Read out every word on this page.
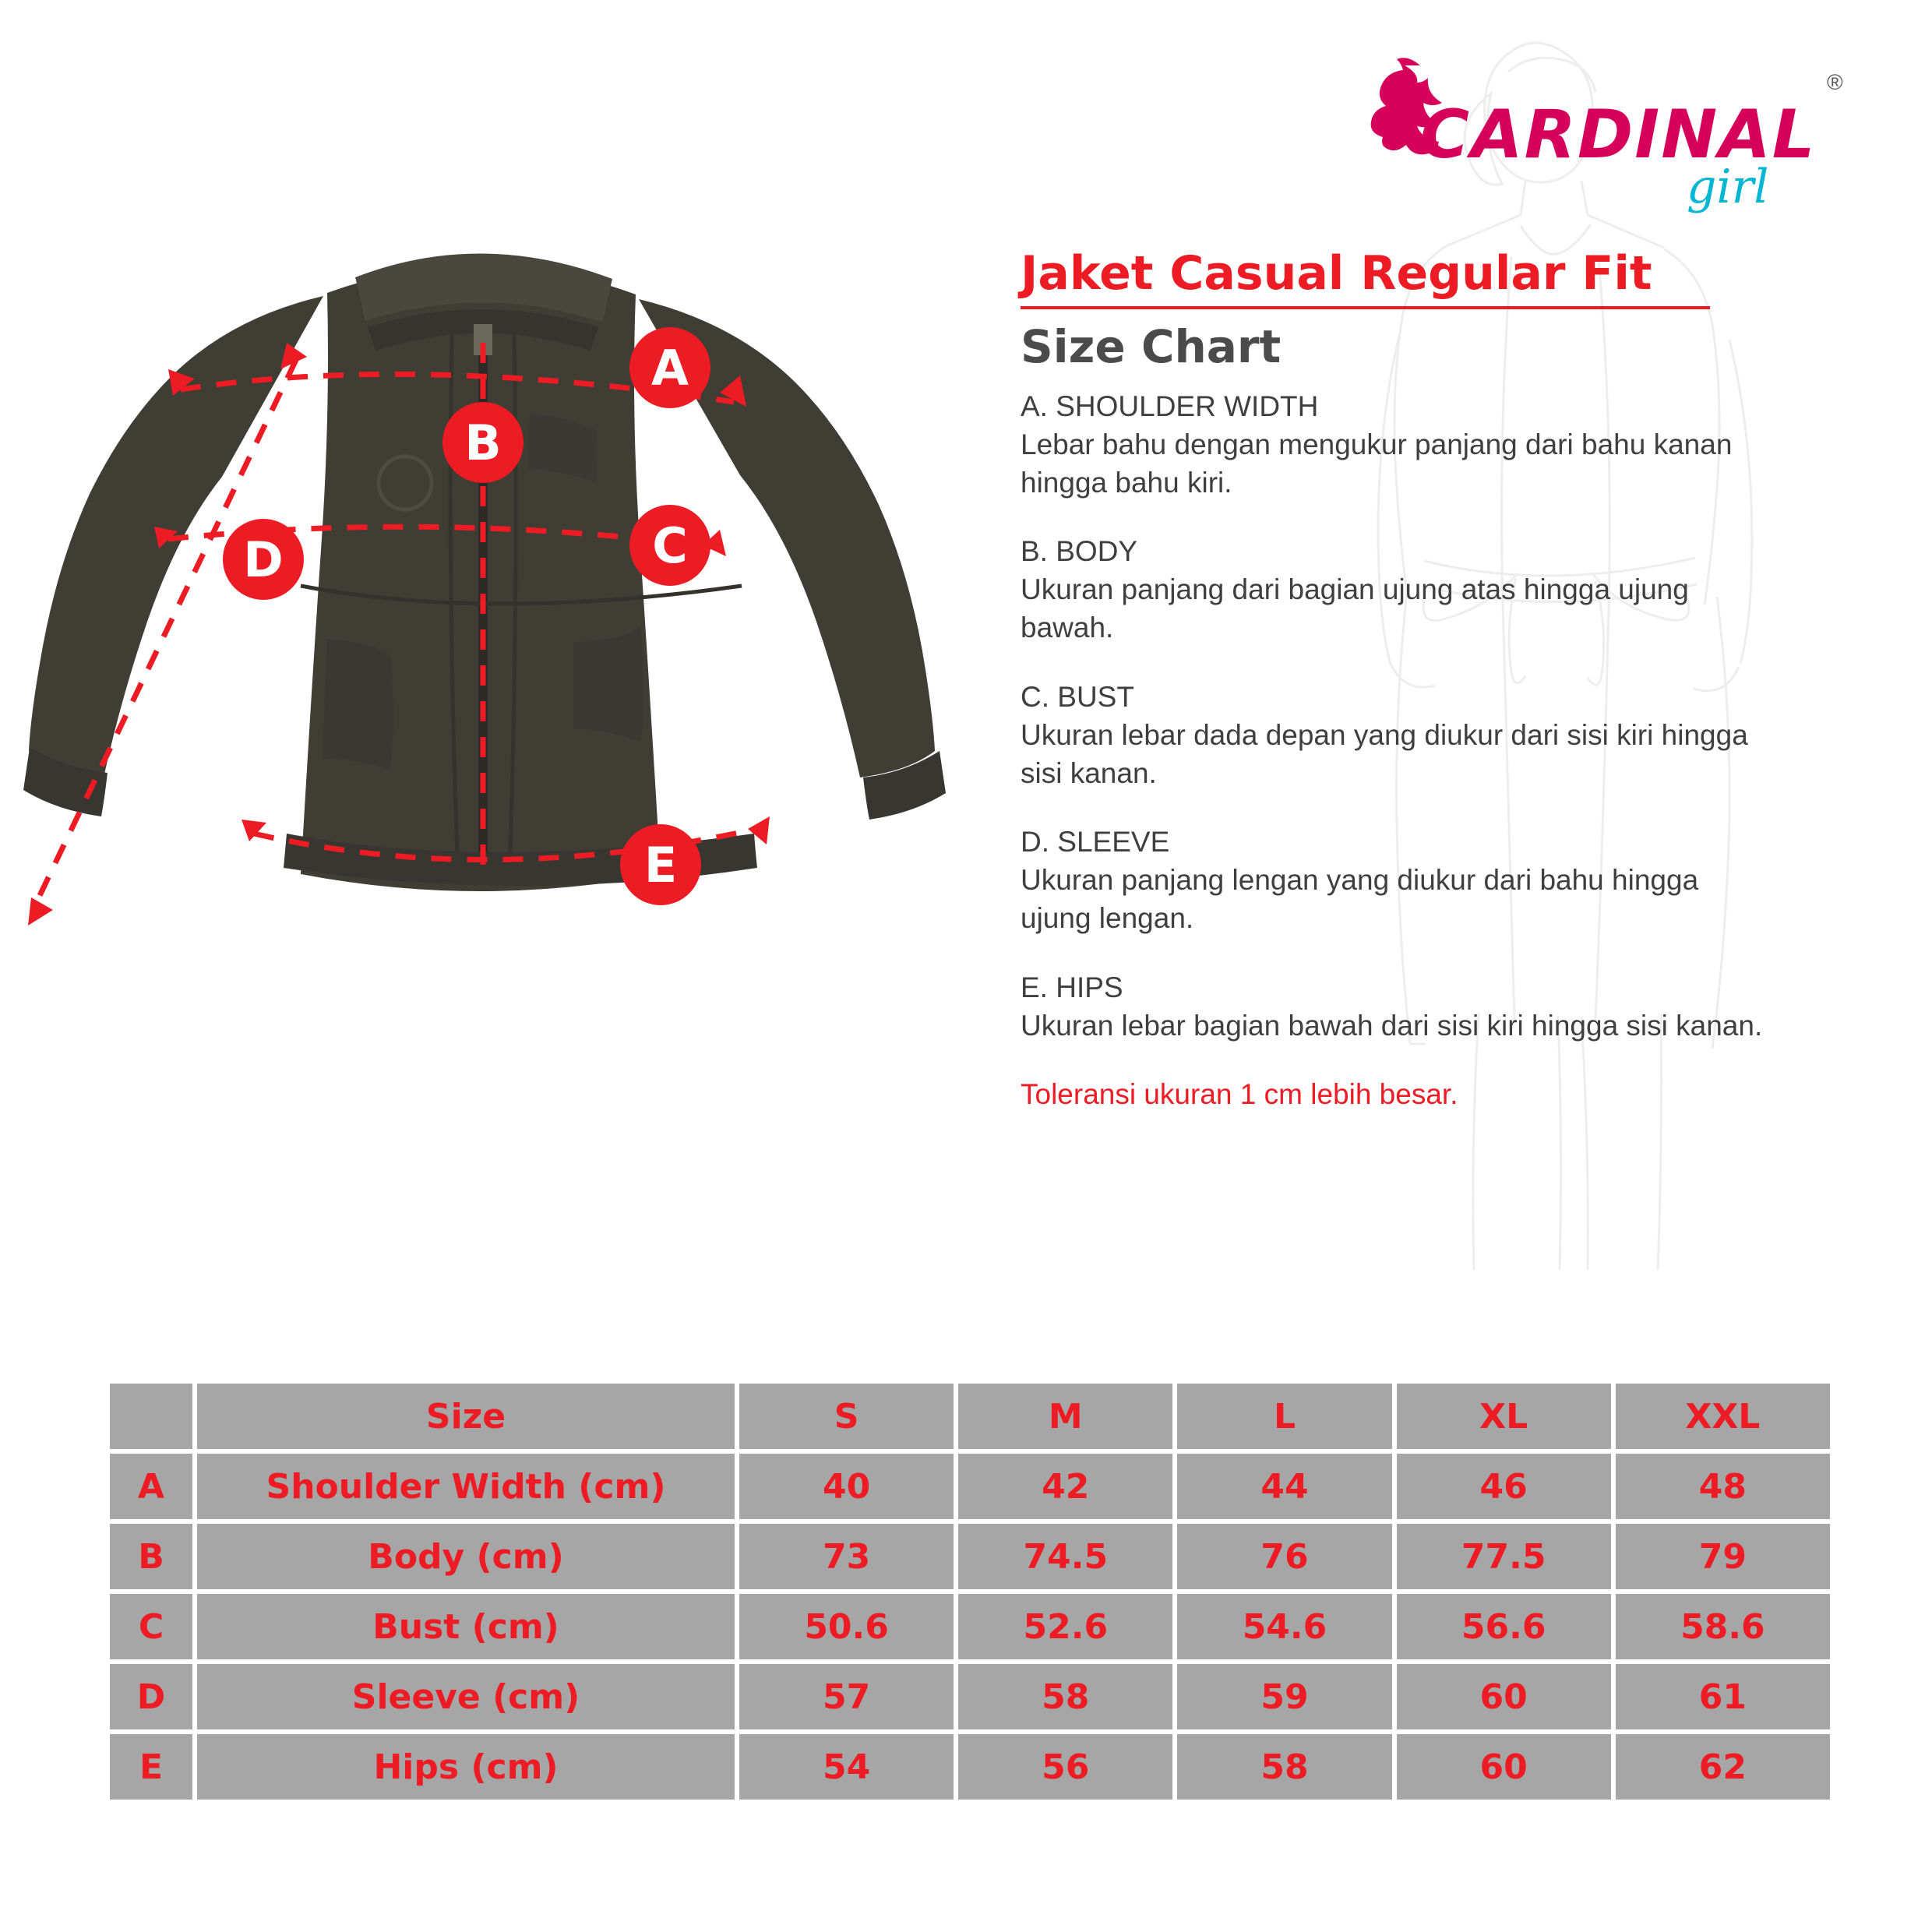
CARDINAL
girl
®
A
B
C
D
E
Jaket Casual Regular Fit
Size Chart
A. SHOULDER WIDTH
Lebar bahu dengan mengukur panjang dari bahu kanan hingga bahu kiri.
B. BODY
Ukuran panjang dari bagian ujung atas hingga ujung bawah.
C. BUST
Ukuran lebar dada depan yang diukur dari sisi kiri hingga sisi kanan.
D. SLEEVE
Ukuran panjang lengan yang diukur dari bahu hingga ujung lengan.
E. HIPS
Ukuran lebar bagian bawah dari sisi kiri hingga sisi kanan.
Toleransi ukuran 1 cm lebih besar.
	Size	S	M	L	XL	XXL
A	Shoulder Width (cm)	40	42	44	46	48
B	Body (cm)	73	74.5	76	77.5	79
C	Bust (cm)	50.6	52.6	54.6	56.6	58.6
D	Sleeve (cm)	57	58	59	60	61
E	Hips (cm)	54	56	58	60	62
